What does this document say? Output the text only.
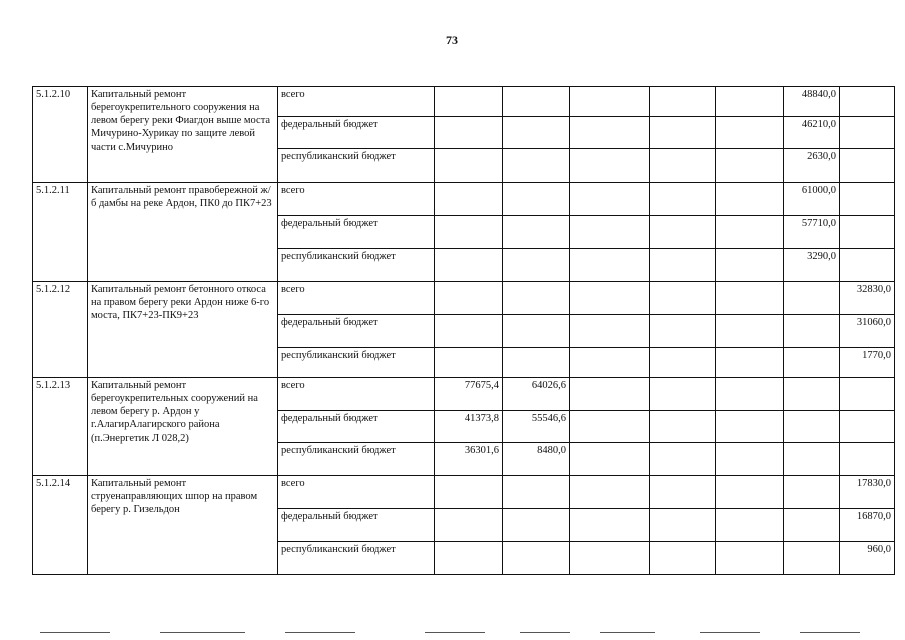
73
5.1.2.10	Капитальный ремонт берегоукрепительного сооружения на левом берегу реки Фиагдон выше моста Мичурино-Хурикау по защите левой части с.Мичурино	всего						48840,0	
		федеральный бюджет						46210,0	
		республиканский бюджет						2630,0	
5.1.2.11	Капитальный ремонт правобережной ж/б дамбы на реке Ардон, ПК0 до ПК7+23	всего						61000,0	
		федеральный бюджет						57710,0	
		республиканский бюджет						3290,0	
5.1.2.12	Капитальный ремонт бетонного откоса на правом берегу реки Ардон ниже 6-го моста, ПК7+23-ПК9+23	всего							32830,0
		федеральный бюджет							31060,0
		республиканский бюджет							1770,0
5.1.2.13	Капитальный ремонт берегоукрепительных сооружений на левом берегу р. Ардон у г.АлагирАлагирского района (п.Энергетик Л 028,2)	всего	77675,4	64026,6					
		федеральный бюджет	41373,8	55546,6					
		республиканский бюджет	36301,6	8480,0					
5.1.2.14	Капитальный ремонт струенаправляющих шпор на правом берегу р. Гизельдон	всего							17830,0
		федеральный бюджет							16870,0
		республиканский бюджет							960,0
